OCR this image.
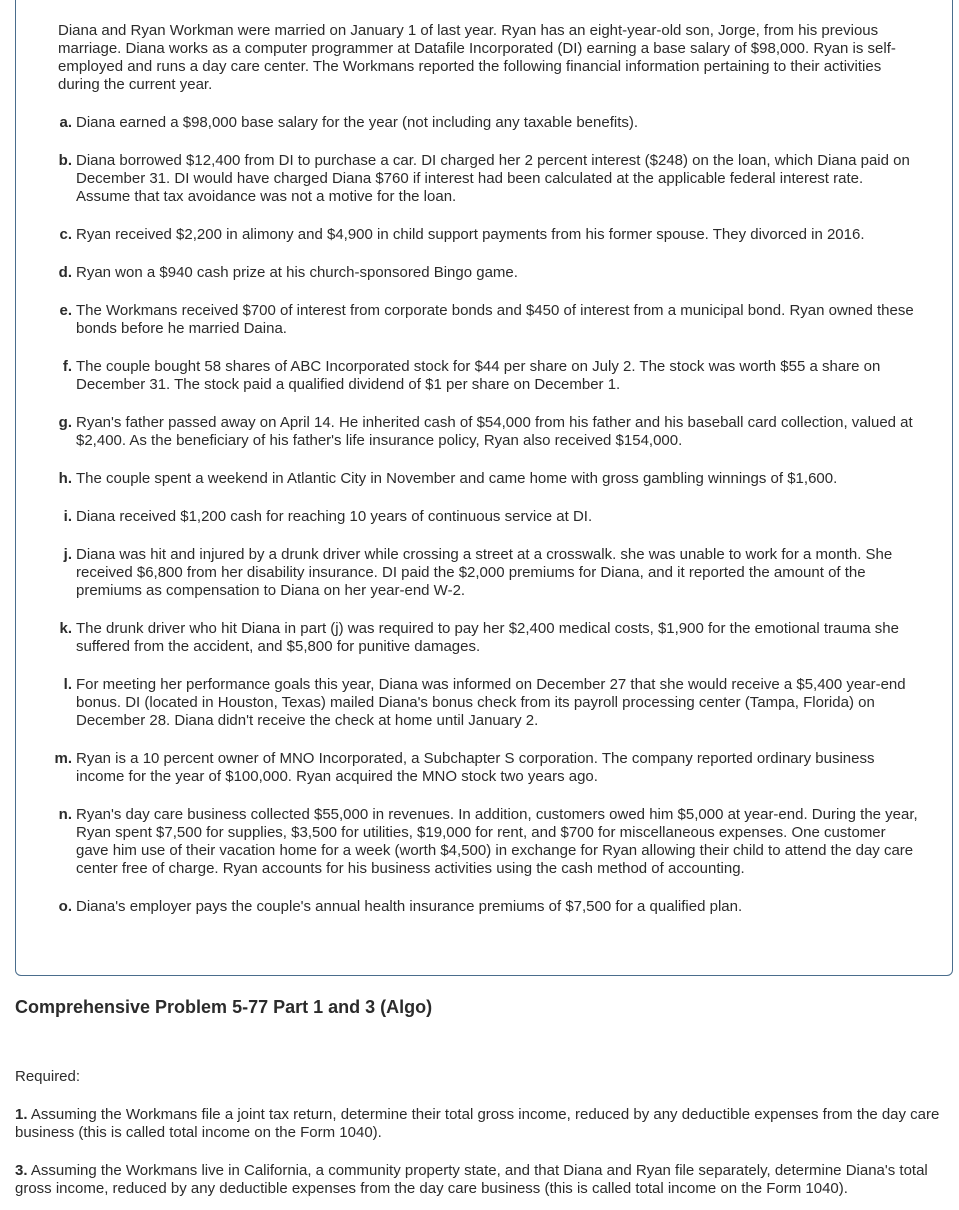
Diana and Ryan Workman were married on January 1 of last year. Ryan has an eight-year-old son, Jorge, from his previous marriage. Diana works as a computer programmer at Datafile Incorporated (DI) earning a base salary of $98,000. Ryan is self-employed and runs a day care center. The Workmans reported the following financial information pertaining to their activities during the current year.
a. Diana earned a $98,000 base salary for the year (not including any taxable benefits).
b. Diana borrowed $12,400 from DI to purchase a car. DI charged her 2 percent interest ($248) on the loan, which Diana paid on December 31. DI would have charged Diana $760 if interest had been calculated at the applicable federal interest rate. Assume that tax avoidance was not a motive for the loan.
c. Ryan received $2,200 in alimony and $4,900 in child support payments from his former spouse. They divorced in 2016.
d. Ryan won a $940 cash prize at his church-sponsored Bingo game.
e. The Workmans received $700 of interest from corporate bonds and $450 of interest from a municipal bond. Ryan owned these bonds before he married Daina.
f. The couple bought 58 shares of ABC Incorporated stock for $44 per share on July 2. The stock was worth $55 a share on December 31. The stock paid a qualified dividend of $1 per share on December 1.
g. Ryan's father passed away on April 14. He inherited cash of $54,000 from his father and his baseball card collection, valued at $2,400. As the beneficiary of his father's life insurance policy, Ryan also received $154,000.
h. The couple spent a weekend in Atlantic City in November and came home with gross gambling winnings of $1,600.
i. Diana received $1,200 cash for reaching 10 years of continuous service at DI.
j. Diana was hit and injured by a drunk driver while crossing a street at a crosswalk. she was unable to work for a month. She received $6,800 from her disability insurance. DI paid the $2,000 premiums for Diana, and it reported the amount of the premiums as compensation to Diana on her year-end W-2.
k. The drunk driver who hit Diana in part (j) was required to pay her $2,400 medical costs, $1,900 for the emotional trauma she suffered from the accident, and $5,800 for punitive damages.
l. For meeting her performance goals this year, Diana was informed on December 27 that she would receive a $5,400 year-end bonus. DI (located in Houston, Texas) mailed Diana's bonus check from its payroll processing center (Tampa, Florida) on December 28. Diana didn't receive the check at home until January 2.
m. Ryan is a 10 percent owner of MNO Incorporated, a Subchapter S corporation. The company reported ordinary business income for the year of $100,000. Ryan acquired the MNO stock two years ago.
n. Ryan's day care business collected $55,000 in revenues. In addition, customers owed him $5,000 at year-end. During the year, Ryan spent $7,500 for supplies, $3,500 for utilities, $19,000 for rent, and $700 for miscellaneous expenses. One customer gave him use of their vacation home for a week (worth $4,500) in exchange for Ryan allowing their child to attend the day care center free of charge. Ryan accounts for his business activities using the cash method of accounting.
o. Diana's employer pays the couple's annual health insurance premiums of $7,500 for a qualified plan.
Comprehensive Problem 5-77 Part 1 and 3 (Algo)
Required:
1. Assuming the Workmans file a joint tax return, determine their total gross income, reduced by any deductible expenses from the day care business (this is called total income on the Form 1040).
3. Assuming the Workmans live in California, a community property state, and that Diana and Ryan file separately, determine Diana's total gross income, reduced by any deductible expenses from the day care business (this is called total income on the Form 1040).
